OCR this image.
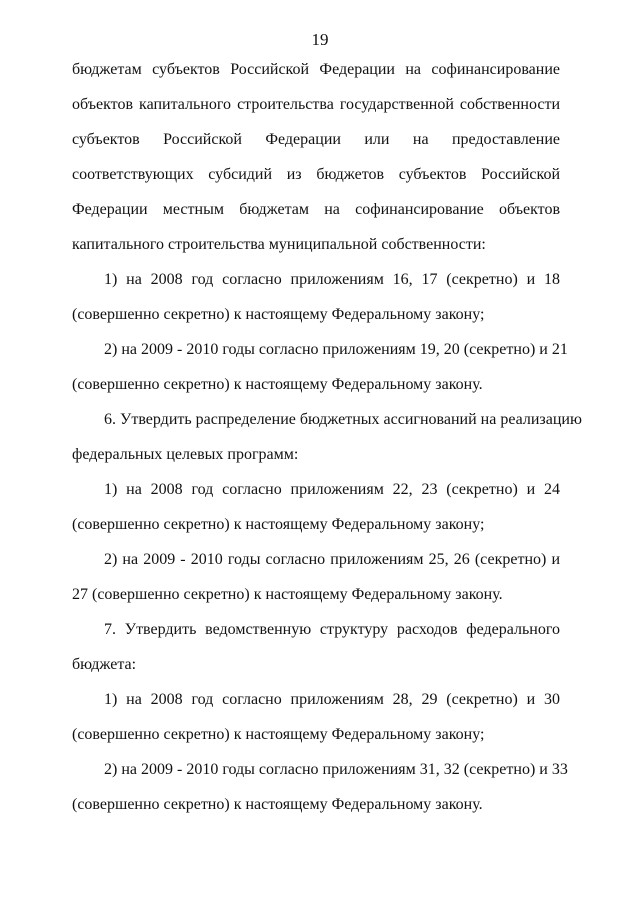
19
бюджетам субъектов Российской Федерации на софинансирование
объектов капитального строительства государственной собственности
субъектов Российской Федерации или на предоставление
соответствующих субсидий из бюджетов субъектов Российской
Федерации местным бюджетам на софинансирование объектов
капитального строительства муниципальной собственности:
1) на 2008 год согласно приложениям 16, 17 (секретно) и 18
(совершенно секретно) к настоящему Федеральному закону;
2) на 2009 - 2010 годы согласно приложениям 19, 20 (секретно) и 21
(совершенно секретно) к настоящему Федеральному закону.
6. Утвердить распределение бюджетных ассигнований на реализацию
федеральных целевых программ:
1) на 2008 год согласно приложениям 22, 23 (секретно) и 24
(совершенно секретно) к настоящему Федеральному закону;
2) на 2009 - 2010 годы согласно приложениям 25, 26 (секретно) и
27 (совершенно секретно) к настоящему Федеральному закону.
7. Утвердить ведомственную структуру расходов федерального
бюджета:
1) на 2008 год согласно приложениям 28, 29 (секретно) и 30
(совершенно секретно) к настоящему Федеральному закону;
2) на 2009 - 2010 годы согласно приложениям 31, 32 (секретно) и 33
(совершенно секретно) к настоящему Федеральному закону.
